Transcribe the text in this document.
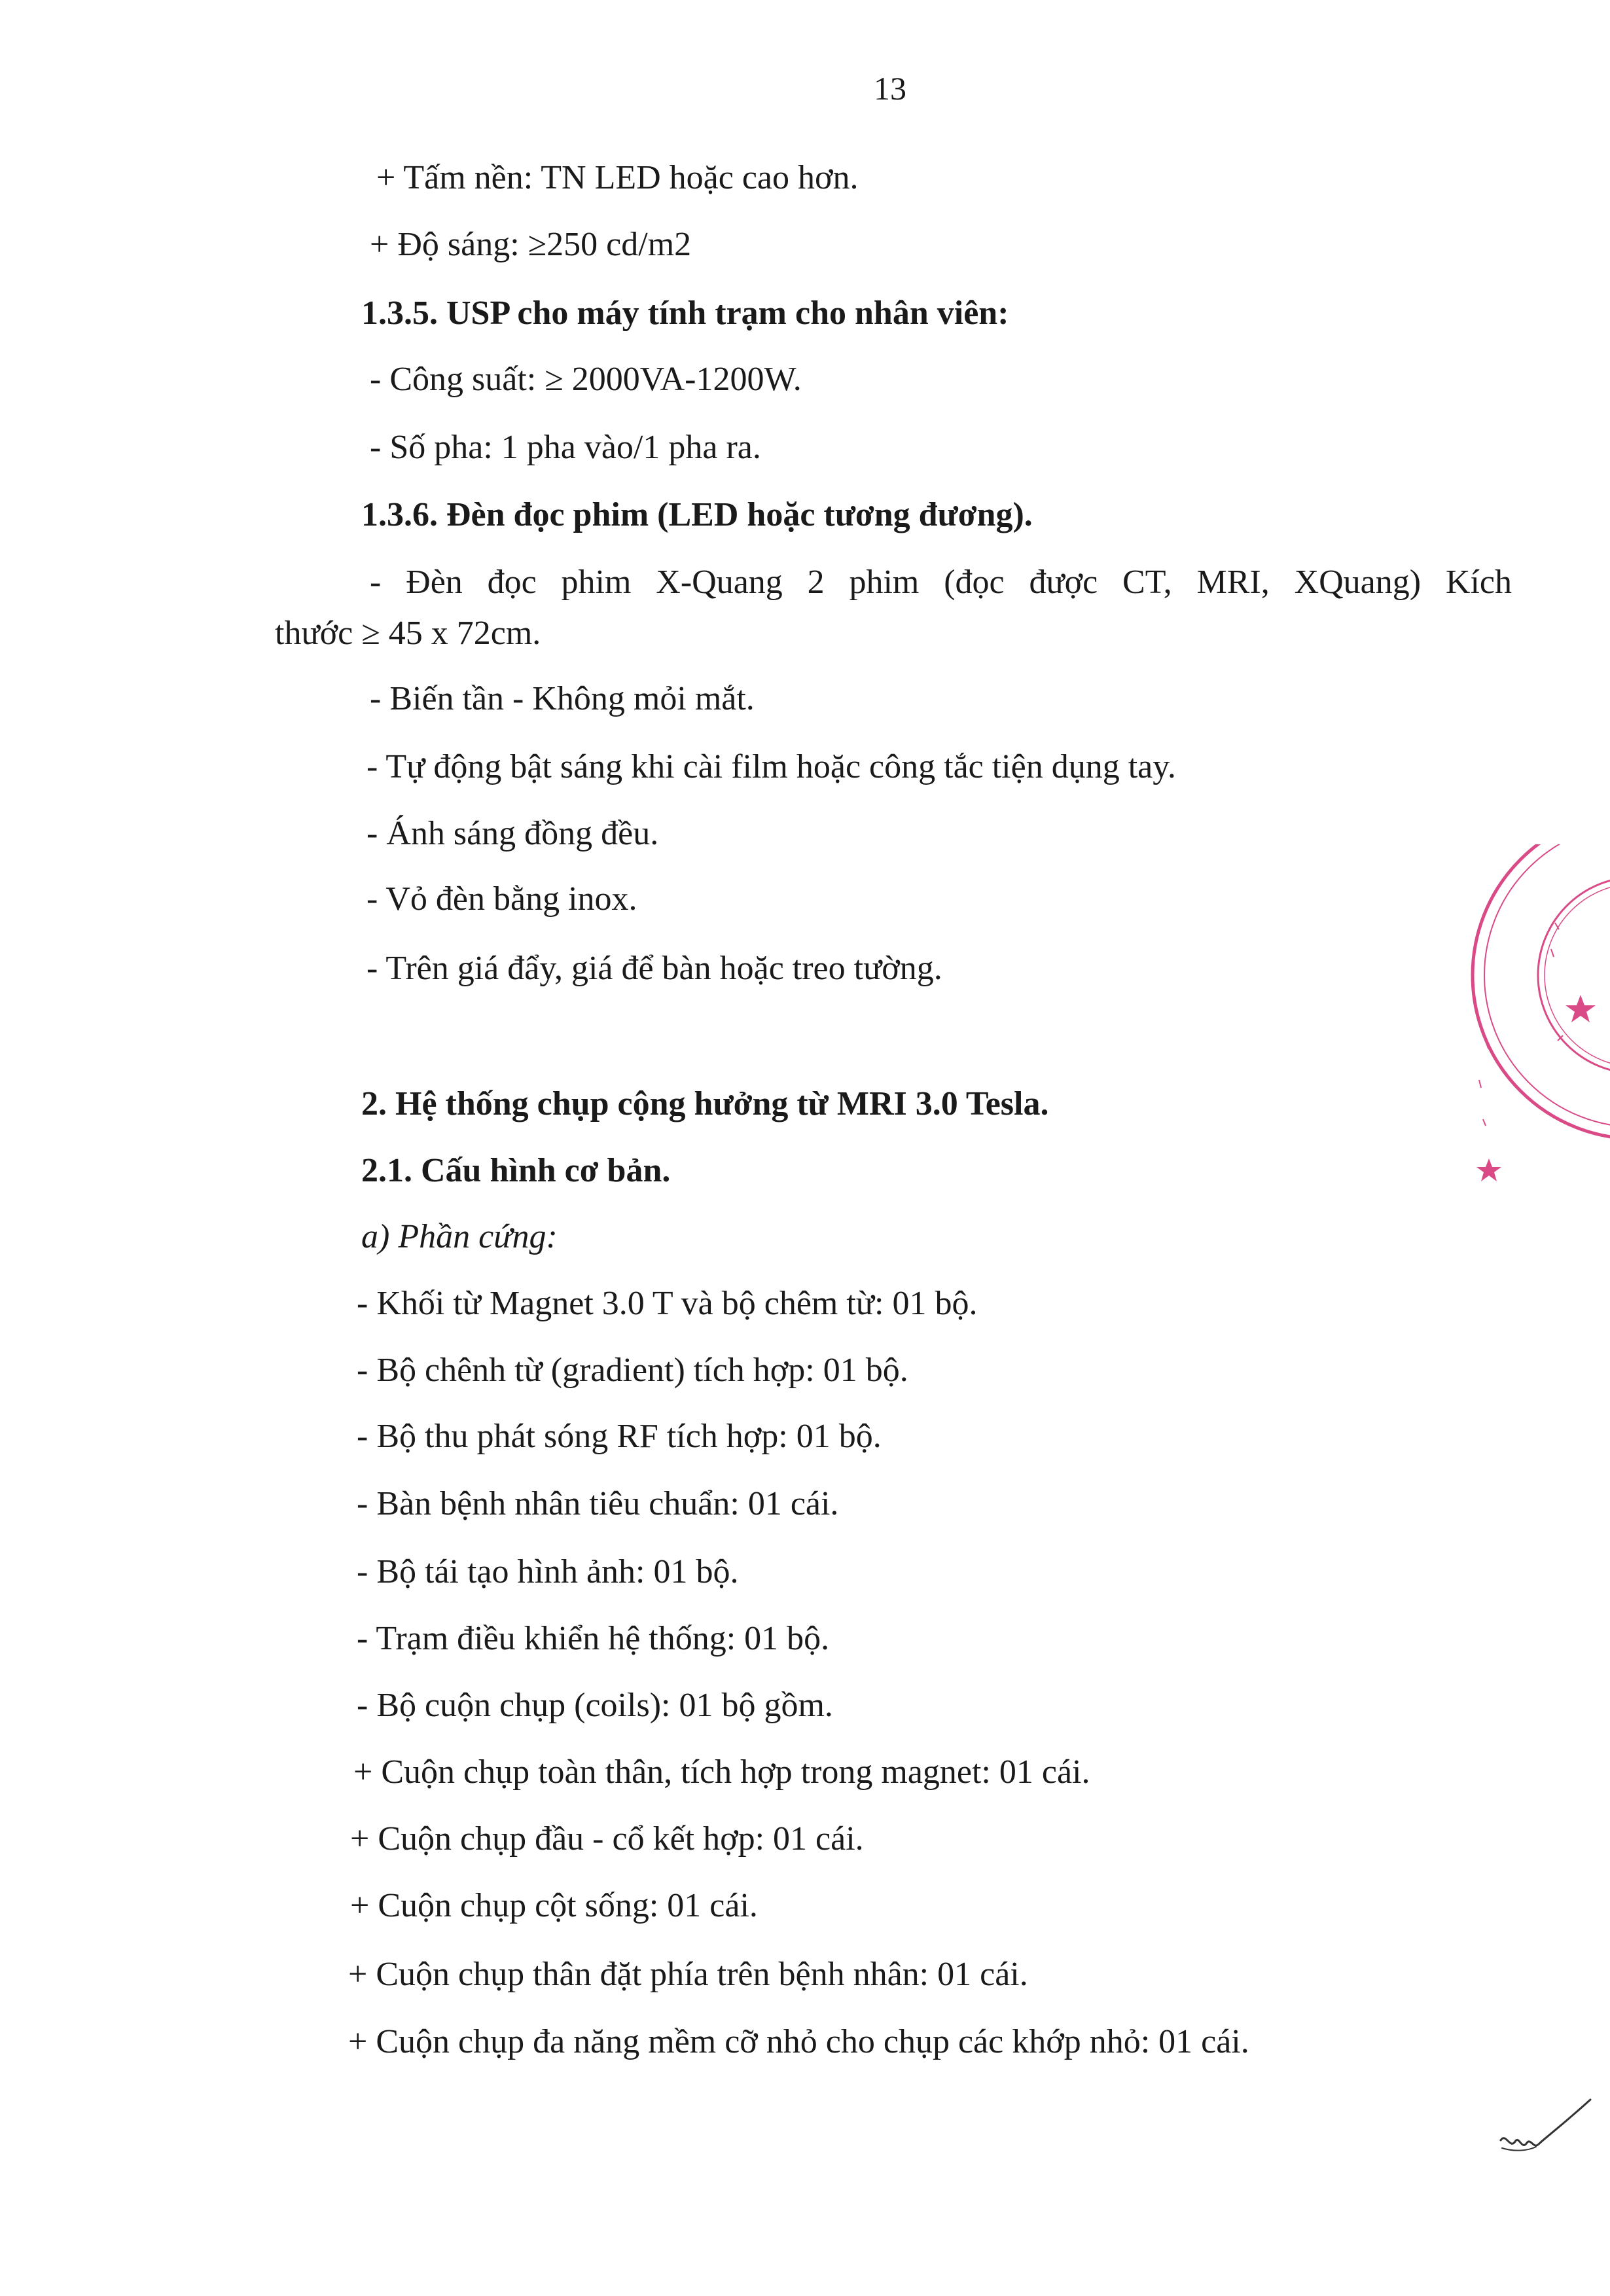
13
+ Tấm nền: TN LED hoặc cao hơn.
+ Độ sáng: ≥250 cd/m2
1.3.5. USP cho máy tính trạm cho nhân viên:
- Công suất: ≥ 2000VA-1200W.
- Số pha: 1 pha vào/1 pha ra.
1.3.6. Đèn đọc phim (LED hoặc tương đương).
- Đèn đọc phim X-Quang 2 phim (đọc được CT, MRI, XQuang) Kích
thước ≥ 45 x 72cm.
- Biến tần - Không mỏi mắt.
- Tự động bật sáng khi cài film hoặc công tắc tiện dụng tay.
- Ánh sáng đồng đều.
- Vỏ đèn bằng inox.
- Trên giá đẩy, giá để bàn hoặc treo tường.
2. Hệ thống chụp cộng hưởng từ MRI 3.0 Tesla.
2.1. Cấu hình cơ bản.
a) Phần cứng:
- Khối từ Magnet 3.0 T và bộ chêm từ: 01 bộ.
- Bộ chênh từ (gradient) tích hợp: 01 bộ.
- Bộ thu phát sóng RF tích hợp: 01 bộ.
- Bàn bệnh nhân tiêu chuẩn: 01 cái.
- Bộ tái tạo hình ảnh: 01 bộ.
- Trạm điều khiển hệ thống: 01 bộ.
- Bộ cuộn chụp (coils): 01 bộ gồm.
+ Cuộn chụp toàn thân, tích hợp trong magnet: 01 cái.
+ Cuộn chụp đầu - cổ kết hợp: 01 cái.
+ Cuộn chụp cột sống: 01 cái.
+ Cuộn chụp thân đặt phía trên bệnh nhân: 01 cái.
+ Cuộn chụp đa năng mềm cỡ nhỏ cho chụp các khớp nhỏ: 01 cái.
